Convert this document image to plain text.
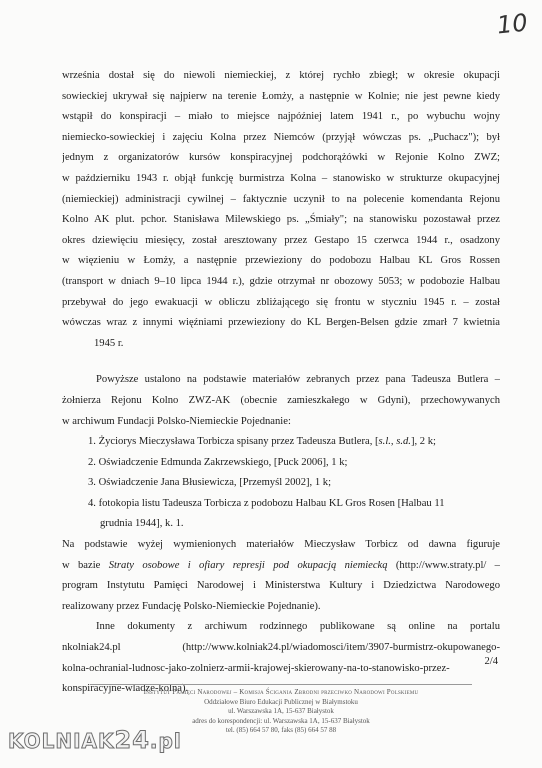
10
września dostał się do niewoli niemieckiej, z której rychło zbiegł; w okresie okupacji
sowieckiej ukrywał się najpierw na terenie Łomży, a następnie w Kolnie; nie jest pewne kiedy
wstąpił do konspiracji – miało to miejsce najpóźniej latem 1941 r., po wybuchu wojny
niemiecko-sowieckiej i zajęciu Kolna przez Niemców (przyjął wówczas ps. „Puchacz"); był
jednym z organizatorów kursów konspiracyjnej podchorążówki w Rejonie Kolno ZWZ;
w październiku 1943 r. objął funkcję burmistrza Kolna – stanowisko w strukturze okupacyjnej
(niemieckiej) administracji cywilnej – faktycznie uczynił to na polecenie komendanta Rejonu
Kolno AK plut. pchor. Stanisława Milewskiego ps. „Śmiały"; na stanowisku pozostawał przez
okres dziewięciu miesięcy, został aresztowany przez Gestapo 15 czerwca 1944 r., osadzony
w więzieniu w Łomży, a następnie przewieziony do podobozu Halbau KL Gros Rossen
(transport w dniach 9–10 lipca 1944 r.), gdzie otrzymał nr obozowy 5053; w podobozie Halbau
przebywał do jego ewakuacji w obliczu zbliżającego się frontu w styczniu 1945 r. – został
wówczas wraz z innymi więźniami przewieziony do KL Bergen-Belsen gdzie zmarł 7 kwietnia
1945 r.
Powyższe ustalono na podstawie materiałów zebranych przez pana Tadeusza Butlera –
żołnierza Rejonu Kolno ZWZ-AK (obecnie zamieszkałego w Gdyni), przechowywanych
w archiwum Fundacji Polsko-Niemieckie Pojednanie:
1. Życiorys Mieczysława Torbicza spisany przez Tadeusza Butlera, [s.l., s.d.], 2 k;
2. Oświadczenie Edmunda Zakrzewskiego, [Puck 2006], 1 k;
3. Oświadczenie Jana Błusiewicza, [Przemyśl 2002], 1 k;
4. fotokopia listu Tadeusza Torbicza z podobozu Halbau KL Gros Rosen [Halbau 11
grudnia 1944], k. 1.
Na podstawie wyżej wymienionych materiałów Mieczysław Torbicz od dawna figuruje
w bazie Straty osobowe i ofiary represji pod okupacją niemiecką (http://www.straty.pl/ –
program Instytutu Pamięci Narodowej i Ministerstwa Kultury i Dziedzictwa Narodowego
realizowany przez Fundację Polsko-Niemieckie Pojednanie).
Inne dokumenty z archiwum rodzinnego publikowane są online na portalu
nkolniak24.pl             (http://www.kolniak24.pl/wiadomosci/item/3907-burmistrz-okupowanego-
kolna-ochranial-ludnosc-jako-zolnierz-armii-krajowej-skierowany-na-to-stanowisko-przez-
konspiracyjne-wladze-kolna).
2/4
Instytut Pamięci Narodowej – Komisja Ścigania Zbrodni przeciwko Narodowi Polskiemu
Oddziałowe Biuro Edukacji Publicznej w Białymstoku
ul. Warszawska 1A, 15-637 Białystok
adres do korespondencji: ul. Warszawska 1A, 15-637 Białystok
tel. (85) 664 57 80, faks (85) 664 57 88
KOLNIAK24.pl
